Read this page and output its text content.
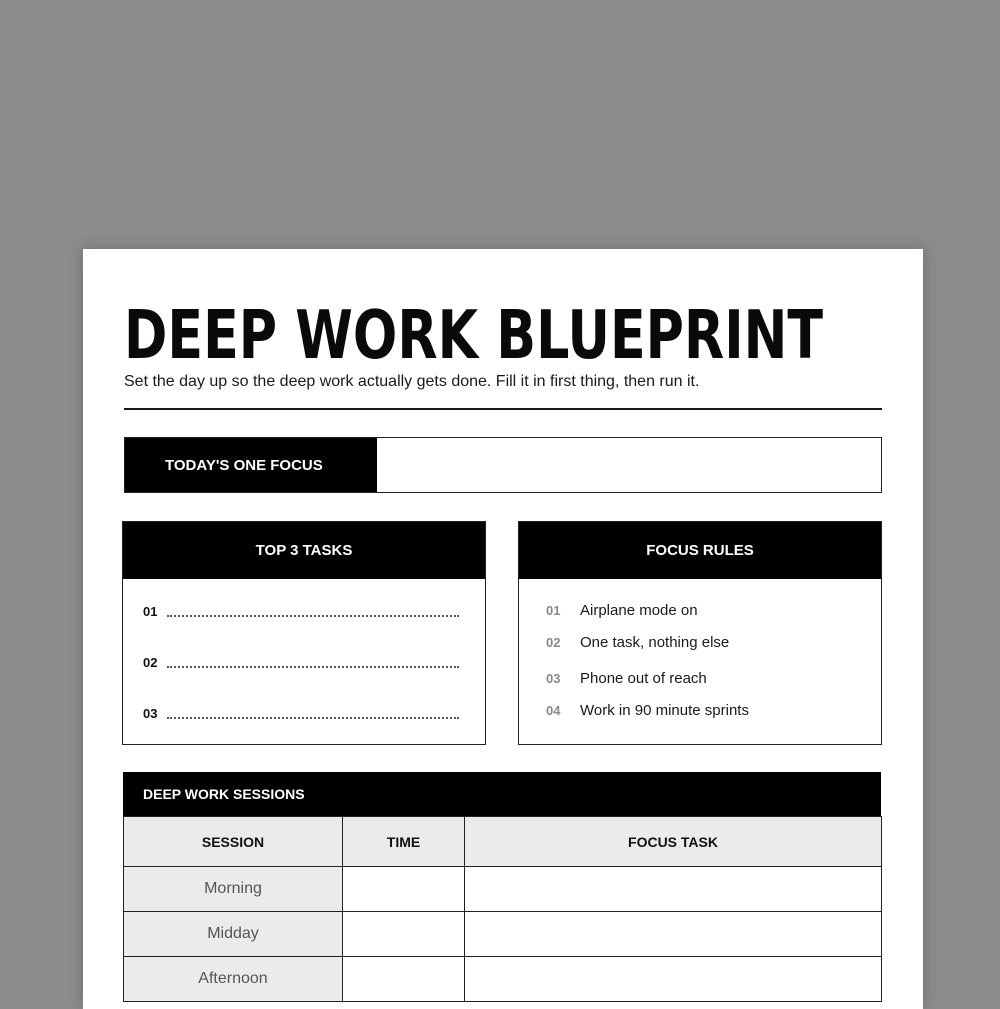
DEEP WORK BLUEPRINT
Set the day up so the deep work actually gets done. Fill it in first thing, then run it.
TODAY'S ONE FOCUS
TOP 3 TASKS
01
02
03
FOCUS RULES
01	Airplane mode on
02	One task, nothing else
03	Phone out of reach
04	Work in 90 minute sprints
DEEP WORK SESSIONS
SESSION	TIME	FOCUS TASK
Morning		
Midday		
Afternoon		
